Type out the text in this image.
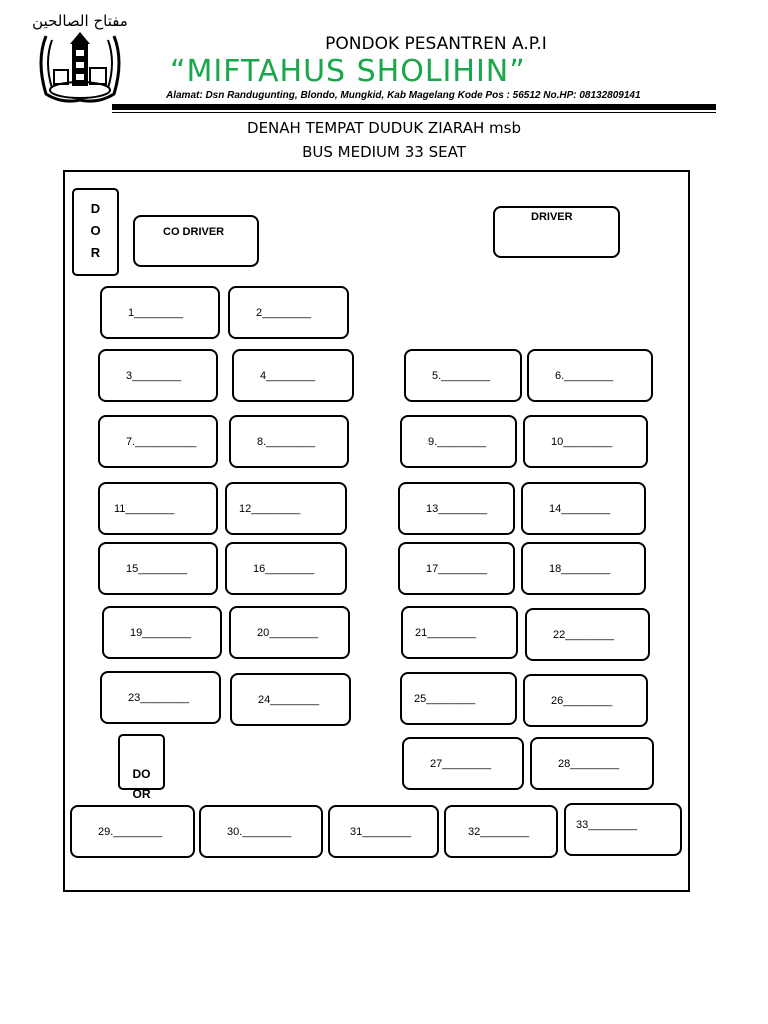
مفتاح الصالحين
PONDOK PESANTREN A.P.I
“MIFTAHUS SHOLIHIN”
Alamat: Dsn Randugunting, Blondo, Mungkid, Kab Magelang Kode Pos : 56512 No.HP: 08132809141
DENAH TEMPAT DUDUK ZIARAH msb
BUS MEDIUM 33 SEAT
D
O
R
CO DRIVER
DRIVER
DO
OR
1________	2________
3________	4________	5.________	6.________
7.__________	8.________	9.________	10________
11________	12________	13________	14________
15________	16________	17________	18________
19________	20________	21________	22________
23________	24________	25________	26________
27________	28________
29.________	30.________	31________	32________
33________
